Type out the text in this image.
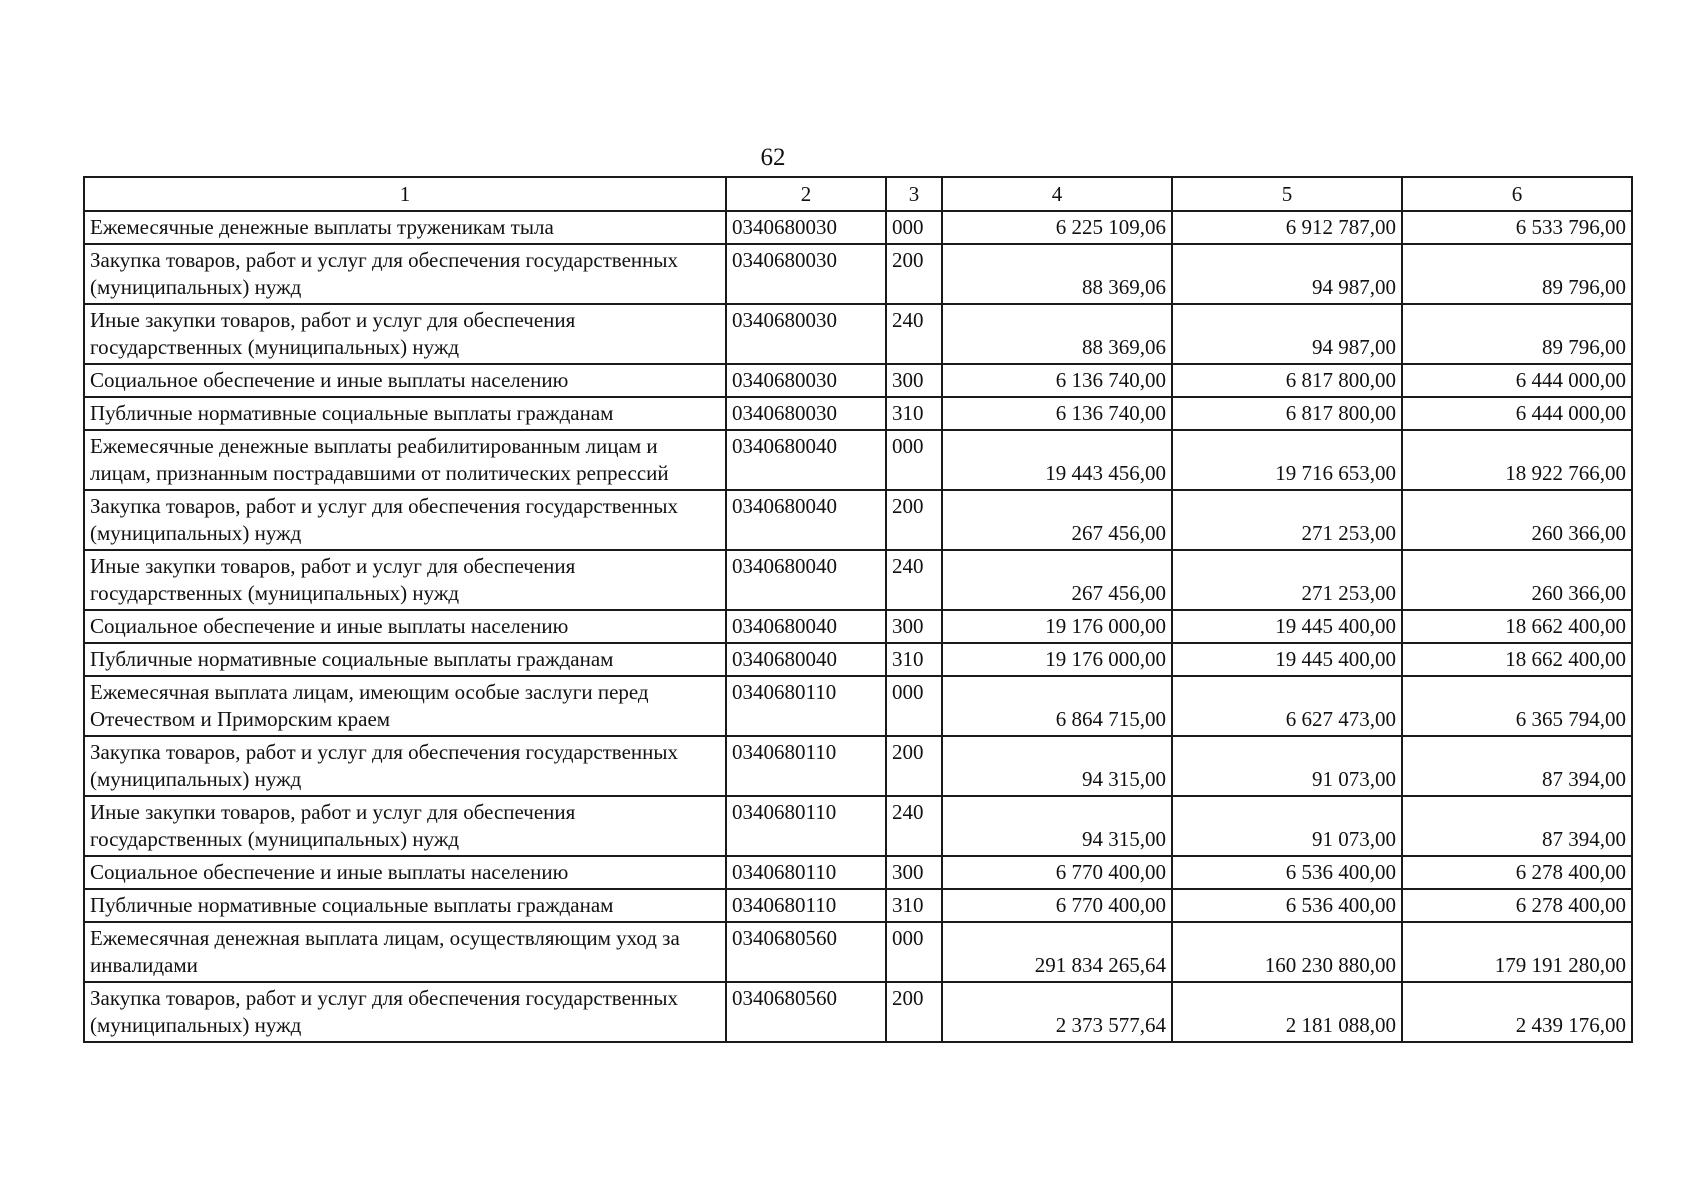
62
1	2	3	4	5	6
Ежемесячные денежные выплаты труженикам тыла	0340680030	000	6 225 109,06	6 912 787,00	6 533 796,00
Закупка товаров, работ и услуг для обеспечения государственных (муниципальных) нужд	0340680030	200	88 369,06	94 987,00	89 796,00
Иные закупки товаров, работ и услуг для обеспечения государственных (муниципальных) нужд	0340680030	240	88 369,06	94 987,00	89 796,00
Социальное обеспечение и иные выплаты населению	0340680030	300	6 136 740,00	6 817 800,00	6 444 000,00
Публичные нормативные социальные выплаты гражданам	0340680030	310	6 136 740,00	6 817 800,00	6 444 000,00
Ежемесячные денежные выплаты реабилитированным лицам и лицам, признанным пострадавшими от политических репрессий	0340680040	000	19 443 456,00	19 716 653,00	18 922 766,00
Закупка товаров, работ и услуг для обеспечения государственных (муниципальных) нужд	0340680040	200	267 456,00	271 253,00	260 366,00
Иные закупки товаров, работ и услуг для обеспечения государственных (муниципальных) нужд	0340680040	240	267 456,00	271 253,00	260 366,00
Социальное обеспечение и иные выплаты населению	0340680040	300	19 176 000,00	19 445 400,00	18 662 400,00
Публичные нормативные социальные выплаты гражданам	0340680040	310	19 176 000,00	19 445 400,00	18 662 400,00
Ежемесячная выплата лицам, имеющим особые заслуги перед Отечеством и Приморским краем	0340680110	000	6 864 715,00	6 627 473,00	6 365 794,00
Закупка товаров, работ и услуг для обеспечения государственных (муниципальных) нужд	0340680110	200	94 315,00	91 073,00	87 394,00
Иные закупки товаров, работ и услуг для обеспечения государственных (муниципальных) нужд	0340680110	240	94 315,00	91 073,00	87 394,00
Социальное обеспечение и иные выплаты населению	0340680110	300	6 770 400,00	6 536 400,00	6 278 400,00
Публичные нормативные социальные выплаты гражданам	0340680110	310	6 770 400,00	6 536 400,00	6 278 400,00
Ежемесячная денежная выплата лицам, осуществляющим уход за инвалидами	0340680560	000	291 834 265,64	160 230 880,00	179 191 280,00
Закупка товаров, работ и услуг для обеспечения государственных (муниципальных) нужд	0340680560	200	2 373 577,64	2 181 088,00	2 439 176,00
